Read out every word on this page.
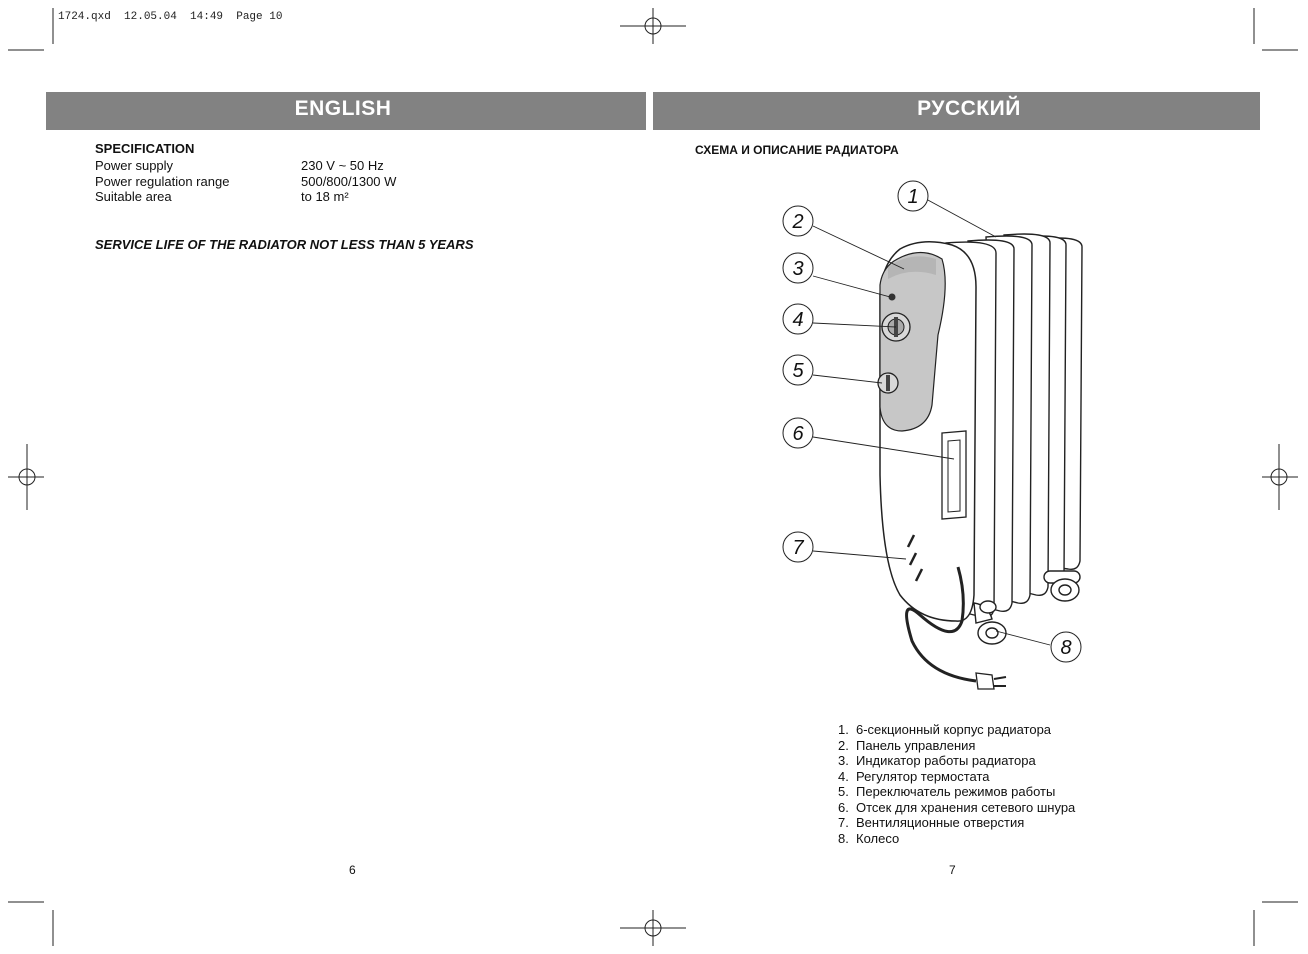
1724.qxd  12.05.04  14:49  Page 10
ENGLISH
SPECIFICATION
Power supply	230 V ~ 50 Hz
Power regulation range	500/800/1300 W
Suitable area	to 18 m²
SERVICE LIFE OF THE RADIATOR NOT LESS THAN 5 YEARS
6
РУССКИЙ
СХЕМА И ОПИСАНИЕ РАДИАТОРА
1
2
3
4
5
6
7
8
1. 6-секционный корпус радиатора
2. Панель управления
3. Индикатор работы радиатора
4. Регулятор термостата
5. Переключатель режимов работы
6. Отсек для хранения сетевого шнура
7. Вентиляционные отверстия
8. Колесо
7
